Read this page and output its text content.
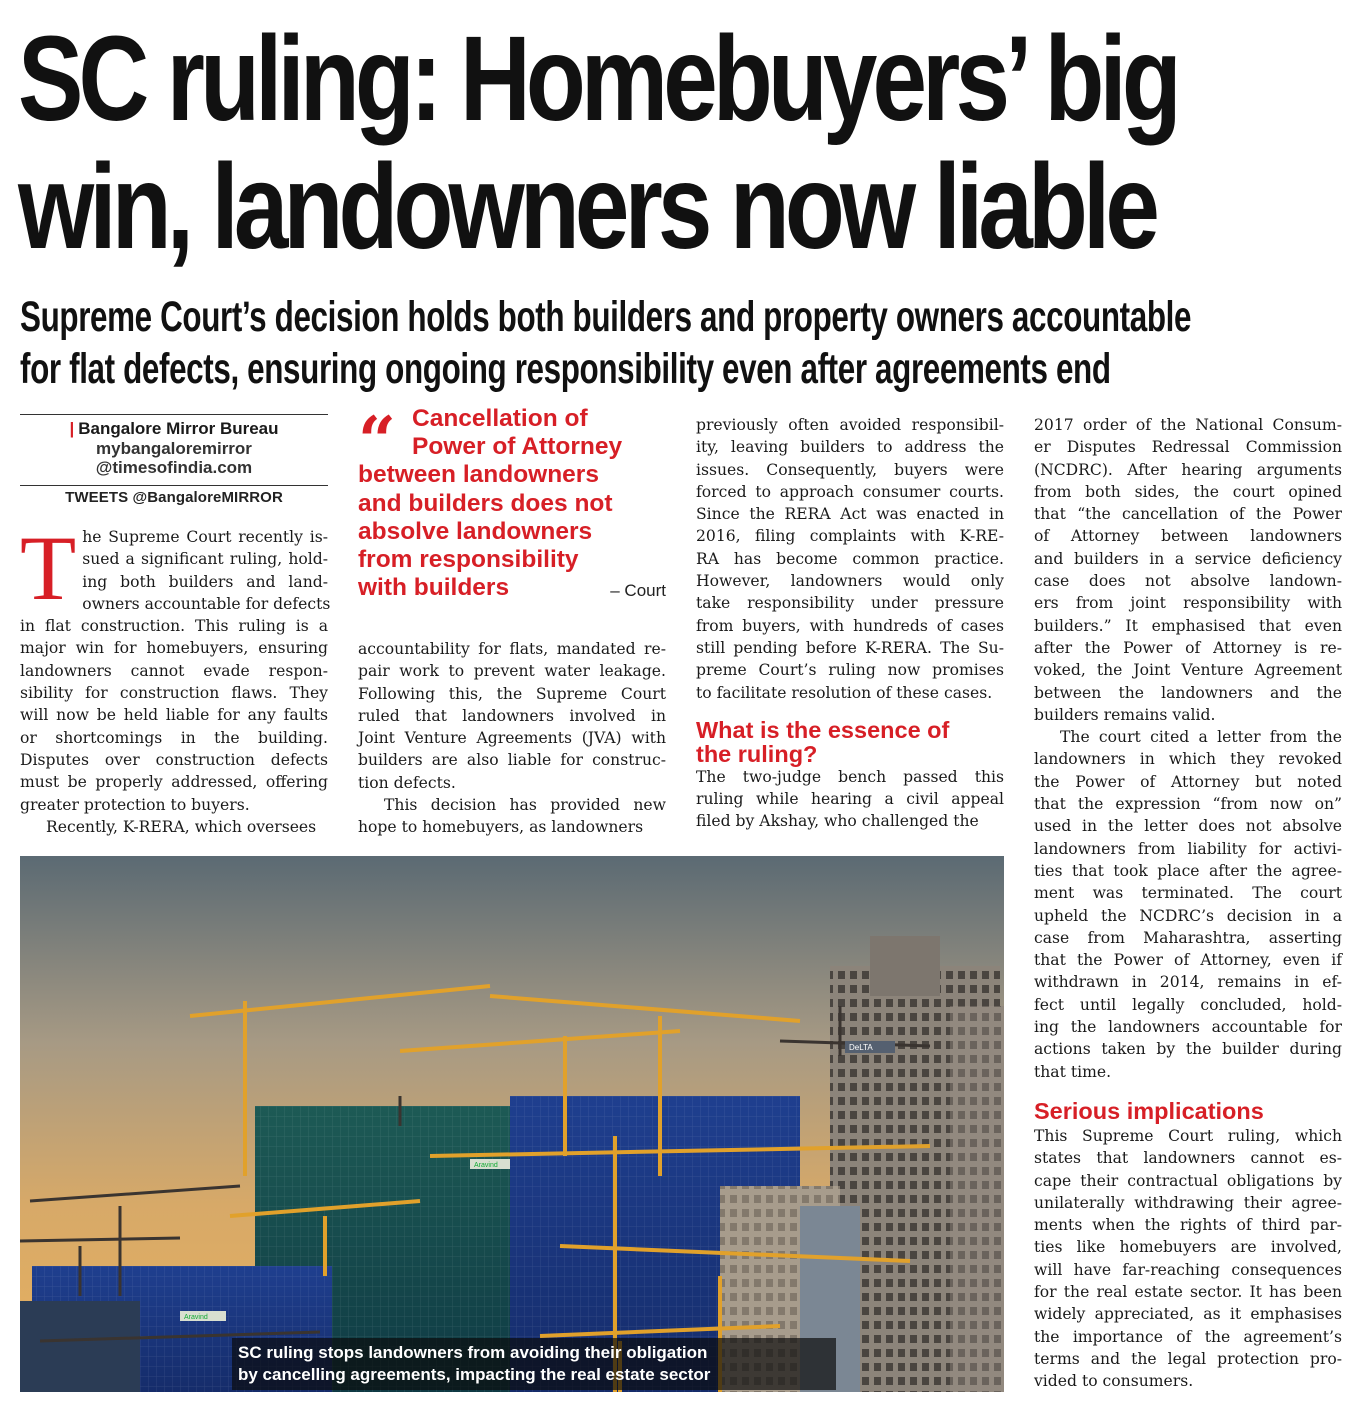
SC ruling: Homebuyers’ big
win, landowners now liable
Supreme Court’s decision holds both builders and property owners accountable
for flat defects, ensuring ongoing responsibility even after agreements end
| Bangalore Mirror Bureau
mybangaloremirror
@timesofindia.com
TWEETS @BangaloreMIRROR
T he Supreme Court recently is-
sued a significant ruling, hold-
ing both builders and land-
owners accountable for defects
in flat construction. This ruling is a
major win for homebuyers, ensuring
landowners cannot evade respon-
sibility for construction flaws. They
will now be held liable for any faults
or shortcomings in the building.
Disputes over construction defects
must be properly addressed, offering
greater protection to buyers.
Recently, K-RERA, which oversees
“ Cancellation of
Power of Attorney
between landowners
and builders does not
absolve landowners
from responsibility
with builders	– Court
accountability for flats, mandated re-
pair work to prevent water leakage.
Following this, the Supreme Court
ruled that landowners involved in
Joint Venture Agreements (JVA) with
builders are also liable for construc-
tion defects.
This decision has provided new
hope to homebuyers, as landowners
previously often avoided responsibil-
ity, leaving builders to address the
issues. Consequently, buyers were
forced to approach consumer courts.
Since the RERA Act was enacted in
2016, filing complaints with K-RE-
RA has become common practice.
However, landowners would only
take responsibility under pressure
from buyers, with hundreds of cases
still pending before K-RERA. The Su-
preme Court’s ruling now promises
to facilitate resolution of these cases.
What is the essence of
the ruling?
The two-judge bench passed this
ruling while hearing a civil appeal
filed by Akshay, who challenged the
2017 order of the National Consum-
er Disputes Redressal Commission
(NCDRC). After hearing arguments
from both sides, the court opined
that “the cancellation of the Power
of Attorney between landowners
and builders in a service deficiency
case does not absolve landown-
ers from joint responsibility with
builders.” It emphasised that even
after the Power of Attorney is re-
voked, the Joint Venture Agreement
between the landowners and the
builders remains valid.
The court cited a letter from the
landowners in which they revoked
the Power of Attorney but noted
that the expression “from now on”
used in the letter does not absolve
landowners from liability for activi-
ties that took place after the agree-
ment was terminated. The court
upheld the NCDRC’s decision in a
case from Maharashtra, asserting
that the Power of Attorney, even if
withdrawn in 2014, remains in ef-
fect until legally concluded, hold-
ing the landowners accountable for
actions taken by the builder during
that time.
Serious implications
This Supreme Court ruling, which
states that landowners cannot es-
cape their contractual obligations by
unilaterally withdrawing their agree-
ments when the rights of third par-
ties like homebuyers are involved,
will have far-reaching consequences
for the real estate sector. It has been
widely appreciated, as it emphasises
the importance of the agreement’s
terms and the legal protection pro-
vided to consumers.
Aravind
Aravind
DeLTA
SC ruling stops landowners from avoiding their obligation
by cancelling agreements, impacting the real estate sector
